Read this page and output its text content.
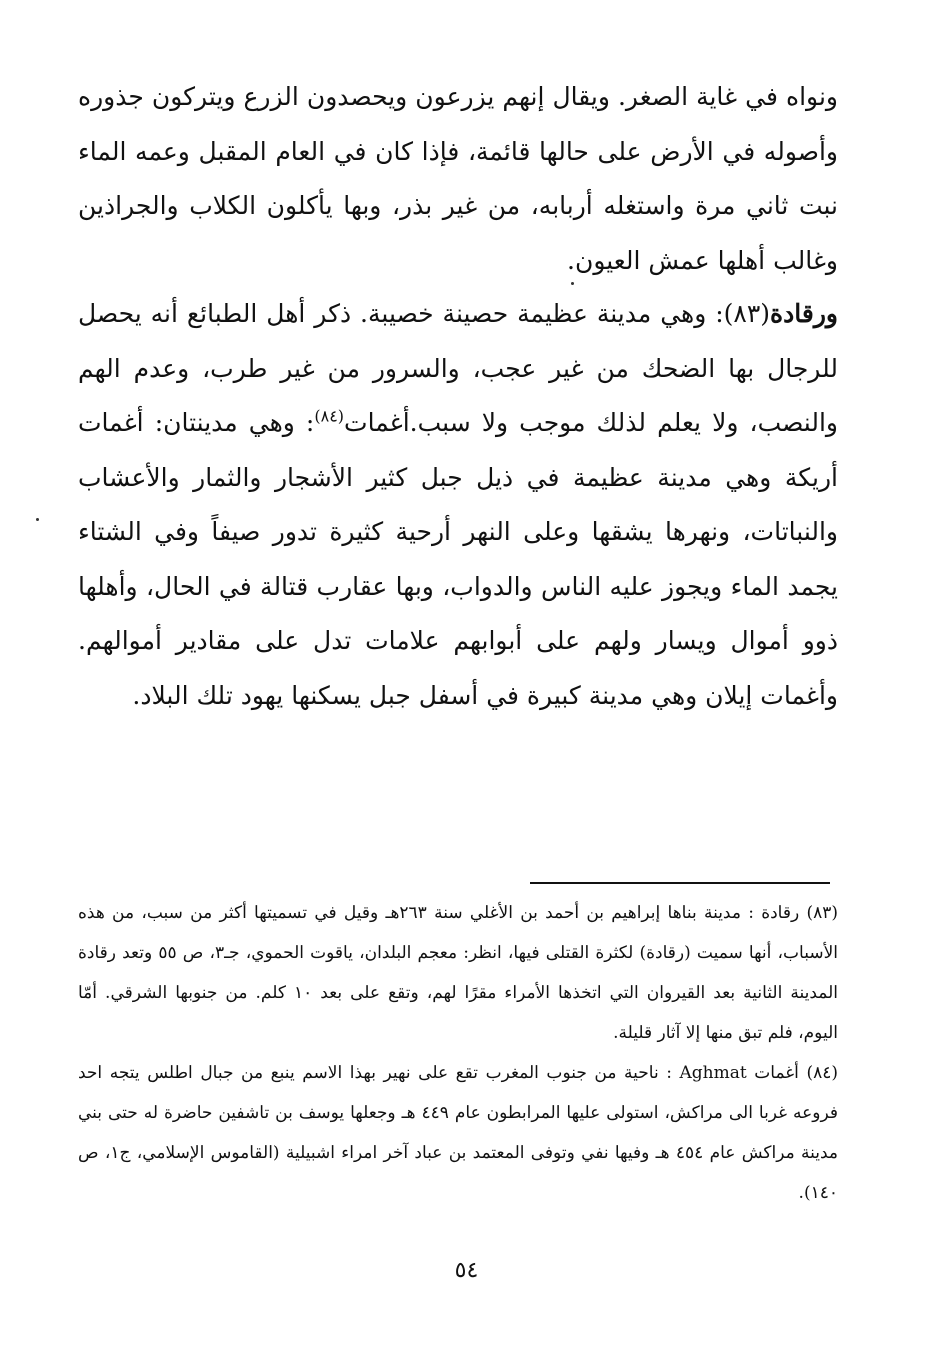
ونواه في غاية الصغر. ويقال إنهم يزرعون ويحصدون الزرع ويتركون جذوره وأصوله في الأرض على حالها قائمة، فإذا كان في العام المقبل وعمه الماء نبت ثاني مرة واستغله أربابه، من غير بذر، وبها يأكلون الكلاب والجراذين وغالب أهلها عمش العيون.

ورقادة(٨٣): وهي مدينة عظيمة حصينة خصيبة. ذكر أهل الطبائع أنه يحصل للرجال بها الضحك من غير عجب، والسرور من غير طرب، وعدم الهم والنصب، ولا يعلم لذلك موجب ولا سبب.أغمات$^{(٨٤)}$: وهي مدينتان: أغمات أريكة وهي مدينة عظيمة في ذيل جبل كثير الأشجار والثمار والأعشاب والنباتات، ونهرها يشقها وعلى النهر أرحية كثيرة تدور صيفاً وفي الشتاء يجمد الماء ويجوز عليه الناس والدواب، وبها عقارب قتالة في الحال، وأهلها ذوو أموال ويسار ولهم على أبوابهم علامات تدل على مقادير أموالهم. وأغمات إيلان وهي مدينة كبيرة في أسفل جبل يسكنها يهود تلك البلاد.

(٨٣) رقادة : مدينة بناها إبراهيم بن أحمد بن الأغلي سنة ٢٦٣هـ وقيل في تسميتها أكثر من سبب، من هذه الأسباب، أنها سميت (رقادة) لكثرة القتلى فيها، انظر: معجم البلدان، ياقوت الحموي، جـ٣، ص ٥٥ وتعد رقادة المدينة الثانية بعد القيروان التي اتخذها الأمراء مقرًا لهم، وتقع على بعد ١٠ كلم. من جنوبها الشرقي. أمّا اليوم، فلم تبق منها إلا آثار قليلة.

(٨٤) أغمات Aghmat : ناحية من جنوب المغرب تقع على نهير بهذا الاسم ينبع من جبال اطلس يتجه احد فروعه غربا الى مراكش، استولى عليها المرابطون عام ٤٤٩ هـ وجعلها يوسف بن تاشفين حاضرة له حتى بني مدينة مراكش عام ٤٥٤ هـ وفيها نفي وتوفى المعتمد بن عباد آخر امراء اشبيلية (القاموس الإسلامي، ج١، ص ١٤٠).

٥٤
